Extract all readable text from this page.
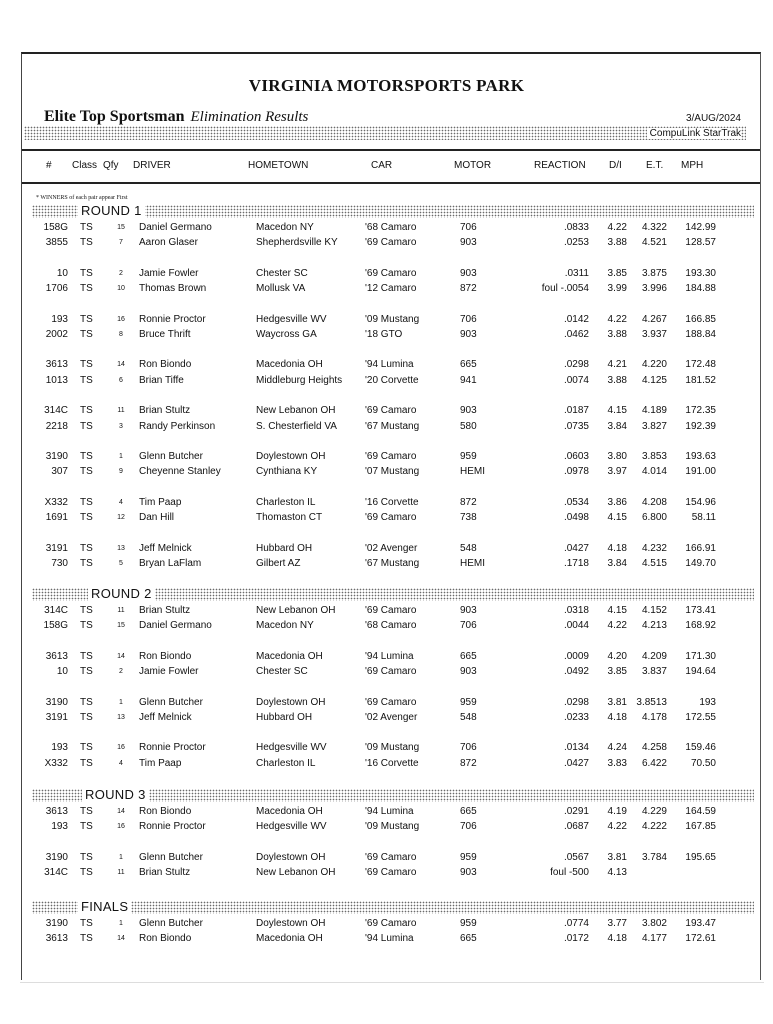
VIRGINIA MOTORSPORTS PARK
Elite Top Sportsman Elimination Results	3/AUG/2024
CompuLink StarTrak
# Class Qfy DRIVER	HOMETOWN	CAR	MOTOR	REACTION D/I E.T. MPH
* WINNERS of each pair appear First
ROUND 1
158G TS	15	Daniel Germano	Macedon NY	'68 Camaro	706	.0833 4.22 4.322 142.99
3855 TS	7	Aaron Glaser	Shepherdsville KY	'69 Camaro	903	.0253 3.88 4.521 128.57
10 TS	2	Jamie Fowler	Chester SC	'69 Camaro	903	.0311 3.85 3.875 193.30
1706 TS	10	Thomas Brown	Mollusk VA	'12 Camaro	872	foul -.0054 3.99 3.996 184.88
193 TS	16	Ronnie Proctor	Hedgesville WV	'09 Mustang	706	.0142 4.22 4.267 166.85
2002 TS	8	Bruce Thrift	Waycross GA	'18 GTO	903	.0462 3.88 3.937 188.84
3613 TS	14	Ron Biondo	Macedonia OH	'94 Lumina	665	.0298 4.21 4.220 172.48
1013 TS	6	Brian Tiffe	Middleburg Heights '20 Corvette	941	.0074 3.88 4.125 181.52
314C TS	11	Brian Stultz	New Lebanon OH	'69 Camaro	903	.0187 4.15 4.189 172.35
2218 TS	3	Randy Perkinson	S. Chesterfield VA	'67 Mustang	580	.0735 3.84 3.827 192.39
3190 TS	1	Glenn Butcher	Doylestown OH	'69 Camaro	959	.0603 3.80 3.853 193.63
307 TS	9	Cheyenne Stanley	Cynthiana KY	'07 Mustang	HEMI	.0978 3.97 4.014 191.00
X332 TS	4	Tim Paap	Charleston IL	'16 Corvette	872	.0534 3.86 4.208 154.96
1691 TS	12	Dan Hill	Thomaston CT	'69 Camaro	738	.0498 4.15 6.800 58.11
3191 TS	13	Jeff Melnick	Hubbard OH	'02 Avenger	548	.0427 4.18 4.232 166.91
730 TS	5	Bryan LaFlam	Gilbert AZ	'67 Mustang	HEMI	.1718 3.84 4.515 149.70
ROUND 2
314C TS	11	Brian Stultz	New Lebanon OH	'69 Camaro	903	.0318 4.15 4.152 173.41
158G TS	15	Daniel Germano	Macedon NY	'68 Camaro	706	.0044 4.22 4.213 168.92
3613 TS	14	Ron Biondo	Macedonia OH	'94 Lumina	665	.0009 4.20 4.209 171.30
10 TS	2	Jamie Fowler	Chester SC	'69 Camaro	903	.0492 3.85 3.837 194.64
3190 TS	1	Glenn Butcher	Doylestown OH	'69 Camaro	959	.0298 3.81 3.8513	193
3191 TS	13	Jeff Melnick	Hubbard OH	'02 Avenger	548	.0233 4.18 4.178 172.55
193 TS	16	Ronnie Proctor	Hedgesville WV	'09 Mustang	706	.0134 4.24 4.258 159.46
X332 TS	4	Tim Paap	Charleston IL	'16 Corvette	872	.0427 3.83 6.422 70.50
ROUND 3
3613 TS	14	Ron Biondo	Macedonia OH	'94 Lumina	665	.0291 4.19 4.229 164.59
193 TS	16	Ronnie Proctor	Hedgesville WV	'09 Mustang	706	.0687 4.22 4.222 167.85
3190 TS	1	Glenn Butcher	Doylestown OH	'69 Camaro	959	.0567 3.81 3.784 195.65
314C TS	11	Brian Stultz	New Lebanon OH	'69 Camaro	903	foul -500 4.13
FINALS
3190 TS	1	Glenn Butcher	Doylestown OH	'69 Camaro	959	.0774 3.77 3.802 193.47
3613 TS	14	Ron Biondo	Macedonia OH	'94 Lumina	665	.0172 4.18 4.177 172.61
